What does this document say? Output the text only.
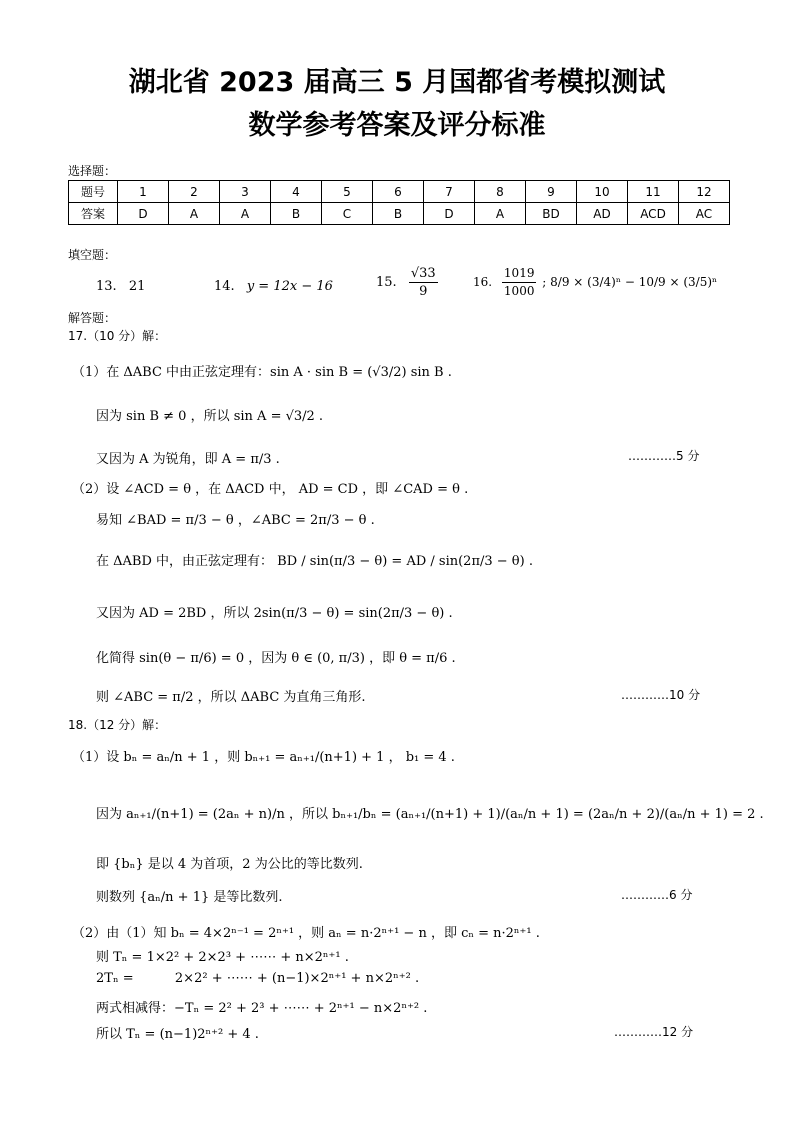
湖北省 2023 届高三 5 月国都省考模拟测试
数学参考答案及评分标准
选择题：
题号	1	2	3	4	5	6	7	8	9	10	11	12
答案	D	A	A	B	C	B	D	A	BD	AD	ACD	AC
填空题：
13. 21	14. y = 12x − 16	15. $\frac{√33}{9}$	16. $\frac{1019}{1000}$ ; 8/9 × (3/4)ⁿ − 10/9 × (3/5)ⁿ
解答题：
17.（10 分）解：
（1）在 ΔABC 中由正弦定理有：sin A · sin B = (√3/2) sin B .
因为 sin B ≠ 0 ，所以 sin A = √3/2 .
又因为 A 为锐角，即 A = π/3 .	…………5 分
（2）设 ∠ACD = θ ，在 ΔACD 中， AD = CD ，即 ∠CAD = θ .
易知 ∠BAD = π/3 − θ ，∠ABC = 2π/3 − θ .
在 ΔABD 中，由正弦定理有： BD / sin(π/3 − θ) = AD / sin(2π/3 − θ) .
又因为 AD = 2BD ，所以 2sin(π/3 − θ) = sin(2π/3 − θ) .
化简得 sin(θ − π/6) = 0 ，因为 θ ∈ (0, π/3) ，即 θ = π/6 .
则 ∠ABC = π/2 ，所以 ΔABC 为直角三角形.	…………10 分
18.（12 分）解：
（1）设 bₙ = aₙ/n + 1 ，则 bₙ₊₁ = aₙ₊₁/(n+1) + 1 ， b₁ = 4 .
因为 aₙ₊₁/(n+1) = (2aₙ + n)/n ，所以 bₙ₊₁/bₙ = (aₙ₊₁/(n+1) + 1)/(aₙ/n + 1) = (2aₙ/n + 2)/(aₙ/n + 1) = 2 .
即 {bₙ} 是以 4 为首项，2 为公比的等比数列.
则数列 {aₙ/n + 1} 是等比数列.	…………6 分
（2）由（1）知 bₙ = 4×2ⁿ⁻¹ = 2ⁿ⁺¹ ，则 aₙ = n·2ⁿ⁺¹ − n ，即 cₙ = n·2ⁿ⁺¹ .
则 Tₙ = 1×2² + 2×2³ + ⋯⋯ + n×2ⁿ⁺¹ .
2Tₙ =          2×2² + ⋯⋯ + (n−1)×2ⁿ⁺¹ + n×2ⁿ⁺² .
两式相减得：−Tₙ = 2² + 2³ + ⋯⋯ + 2ⁿ⁺¹ − n×2ⁿ⁺² .
所以 Tₙ = (n−1)2ⁿ⁺² + 4 .	…………12 分
